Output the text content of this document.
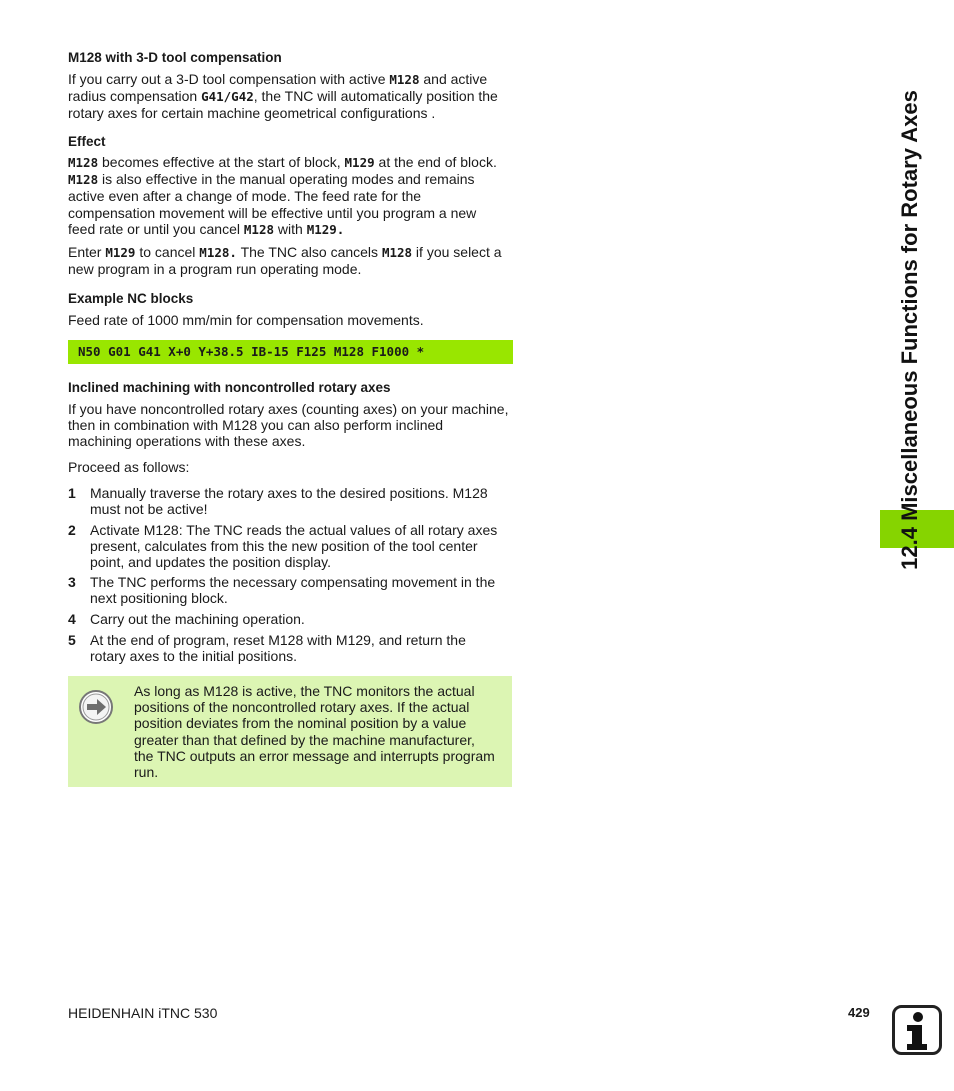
M128 with 3-D tool compensation
If you carry out a 3-D tool compensation with active M128 and active
radius compensation G41/G42, the TNC will automatically position the
rotary axes for certain machine geometrical configurations .
Effect
M128 becomes effective at the start of block, M129 at the end of block.
M128 is also effective in the manual operating modes and remains
active even after a change of mode. The feed rate for the
compensation movement will be effective until you program a new
feed rate or until you cancel M128 with M129.
Enter M129 to cancel M128. The TNC also cancels M128 if you select a
new program in a program run operating mode.
Example NC blocks
Feed rate of 1000 mm/min for compensation movements.
N50 G01 G41 X+0 Y+38.5 IB-15 F125 M128 F1000 *
Inclined machining with noncontrolled rotary axes
If you have noncontrolled rotary axes (counting axes) on your machine,
then in combination with M128 you can also perform inclined
machining operations with these axes.
Proceed as follows:
1 Manually traverse the rotary axes to the desired positions. M128
must not be active!
2 Activate M128: The TNC reads the actual values of all rotary axes
present, calculates from this the new position of the tool center
point, and updates the position display.
3 The TNC performs the necessary compensating movement in the
next positioning block.
4 Carry out the machining operation.
5 At the end of program, reset M128 with M129, and return the
rotary axes to the initial positions.
As long as M128 is active, the TNC monitors the actual
positions of the noncontrolled rotary axes. If the actual
position deviates from the nominal position by a value
greater than that defined by the machine manufacturer,
the TNC outputs an error message and interrupts program
run.
12.4 Miscellaneous Functions for Rotary Axes
HEIDENHAIN iTNC 530	429
